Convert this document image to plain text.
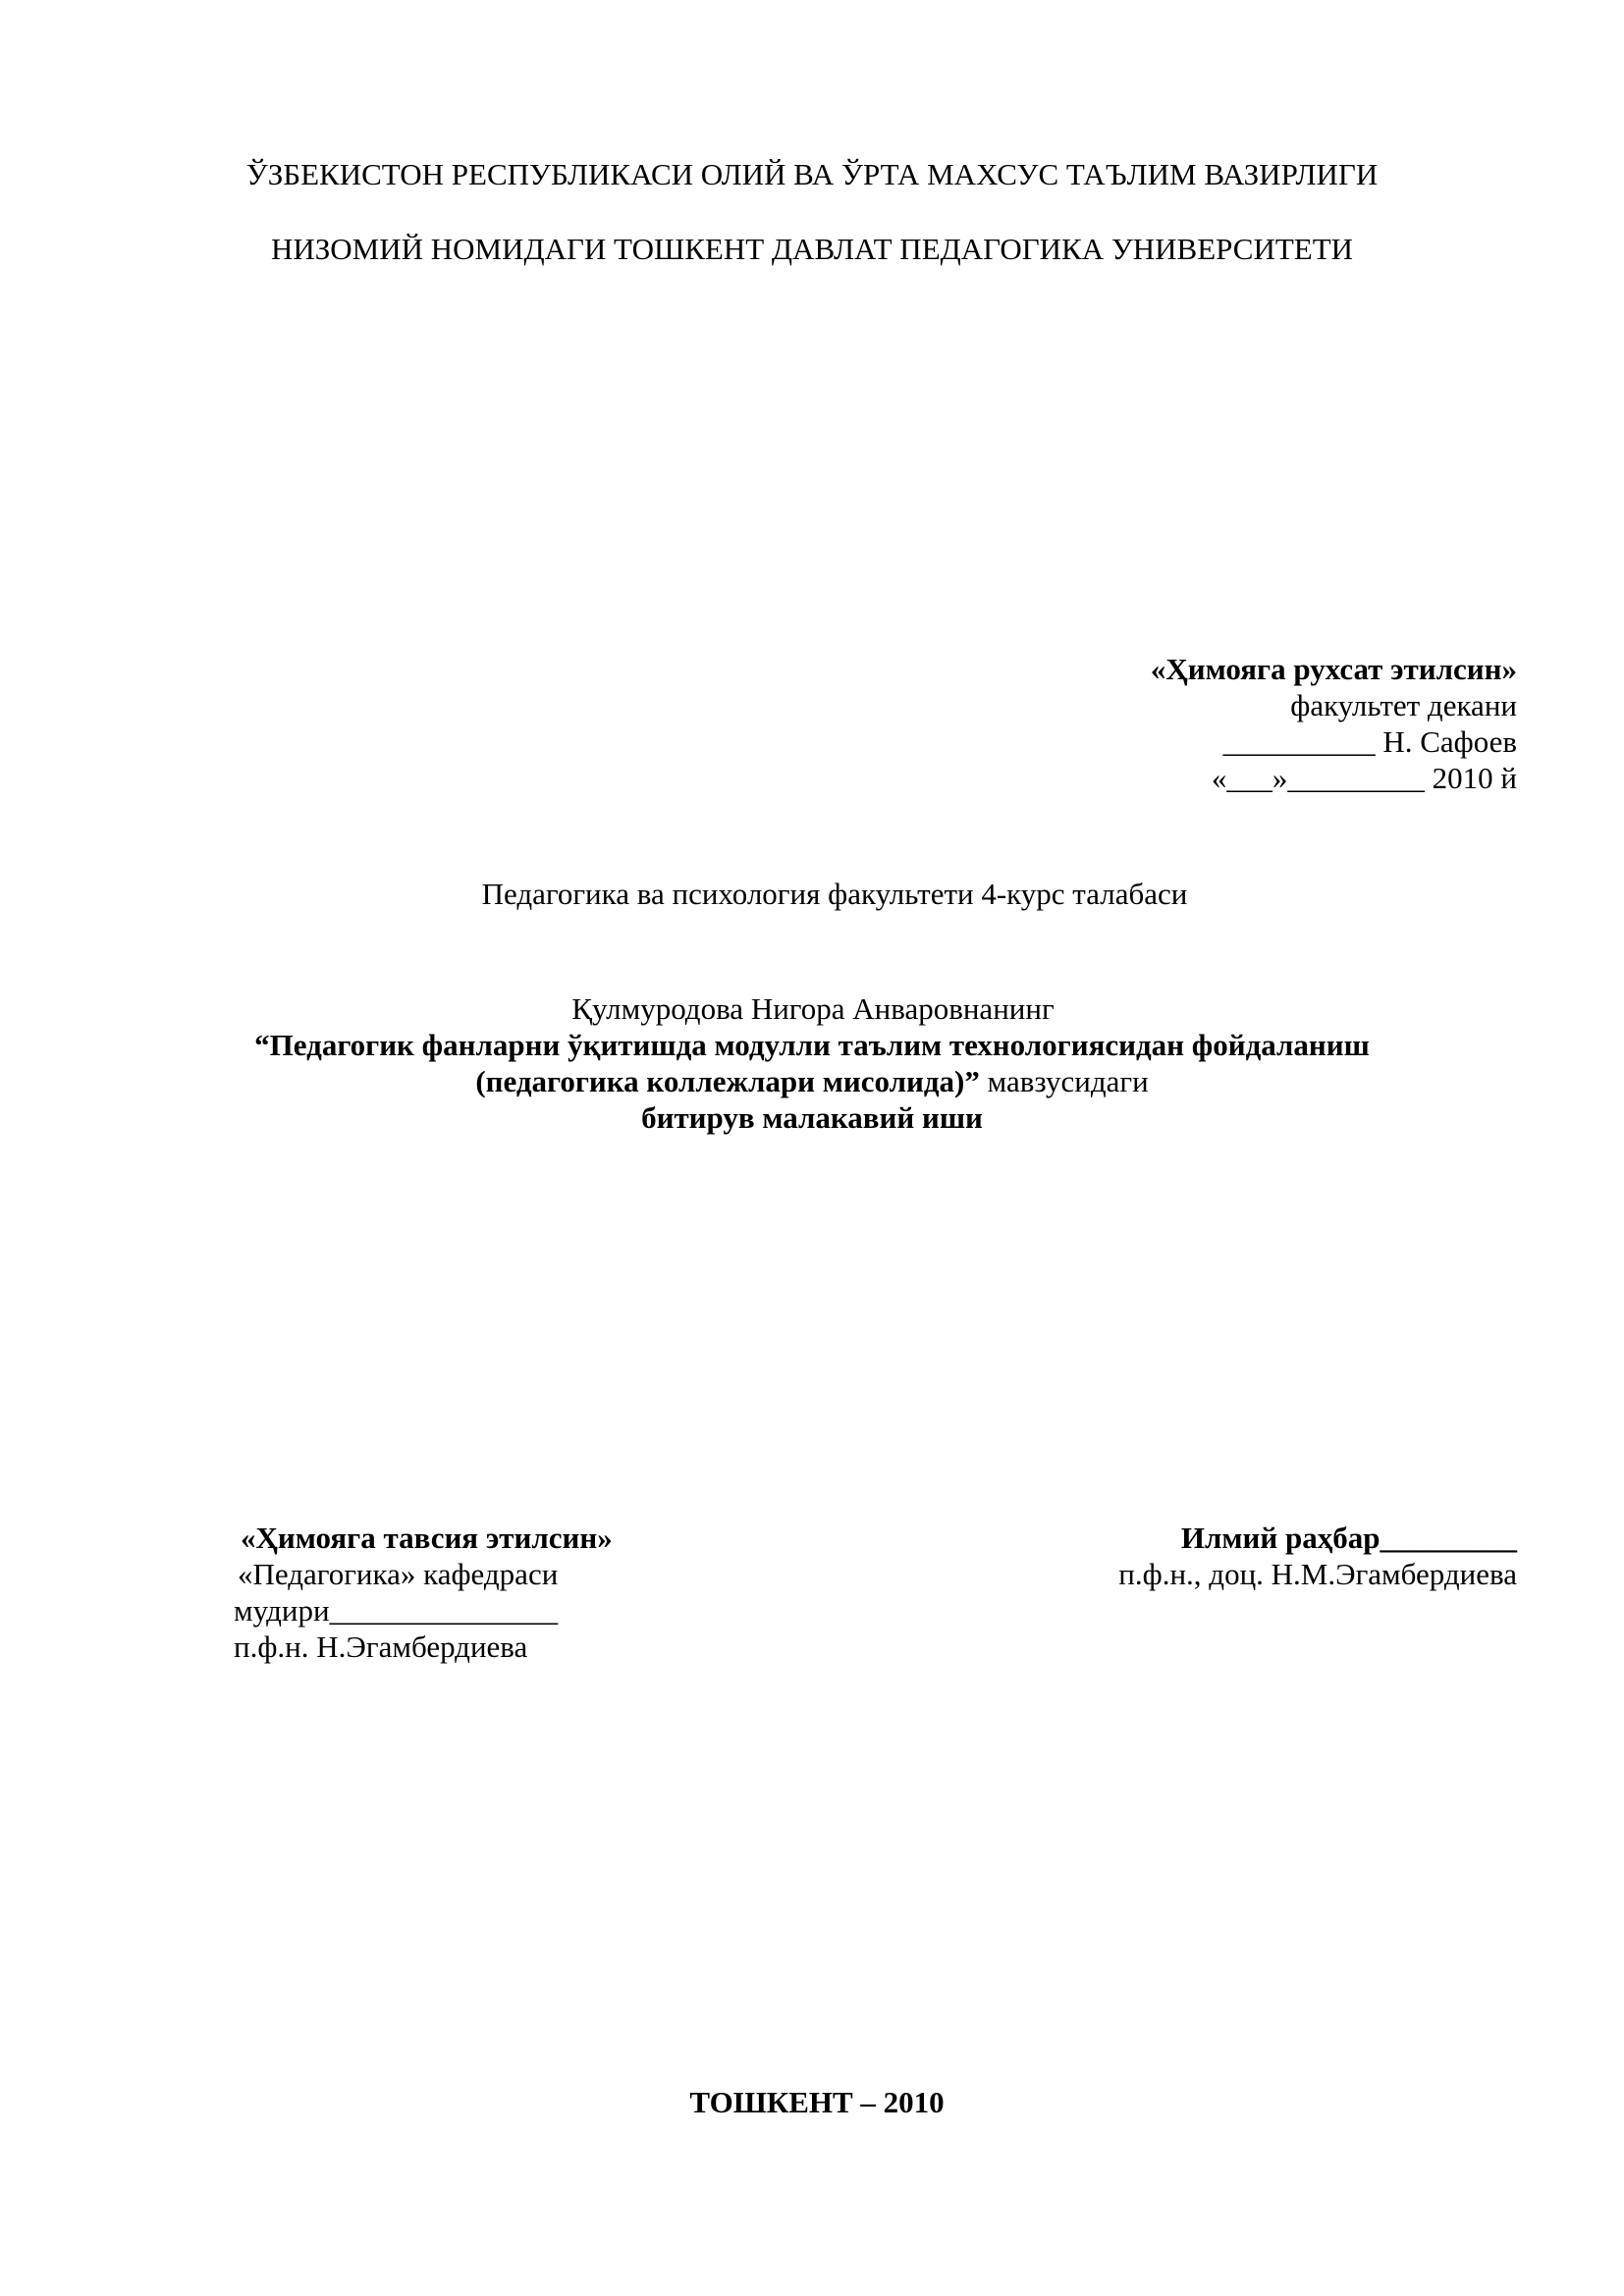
ЎЗБЕКИСТОН РЕСПУБЛИКАСИ ОЛИЙ ВА ЎРТА МАХСУС ТАЪЛИМ ВАЗИРЛИГИ
НИЗОМИЙ НОМИДАГИ ТОШКЕНТ ДАВЛАТ ПЕДАГОГИКА УНИВЕРСИТЕТИ
«Ҳимояга рухсат этилсин»
факультет декани
__________ Н. Сафоев
«___»_________ 2010 й
Педагогика ва психология факультети 4-курс талабаси
Қулмуродова Нигора Анваровнанинг
“Педагогик фанларни ўқитишда модулли таълим технологиясидан фойдаланиш
(педагогика коллежлари мисолида)” мавзусидаги
битирув малакавий иши
«Ҳимояга тавсия этилсин»
«Педагогика» кафедраси
мудири_______________
п.ф.н. Н.Эгамбердиева
Илмий раҳбар_________
п.ф.н., доц. Н.М.Эгамбердиева
ТОШКЕНТ – 2010
